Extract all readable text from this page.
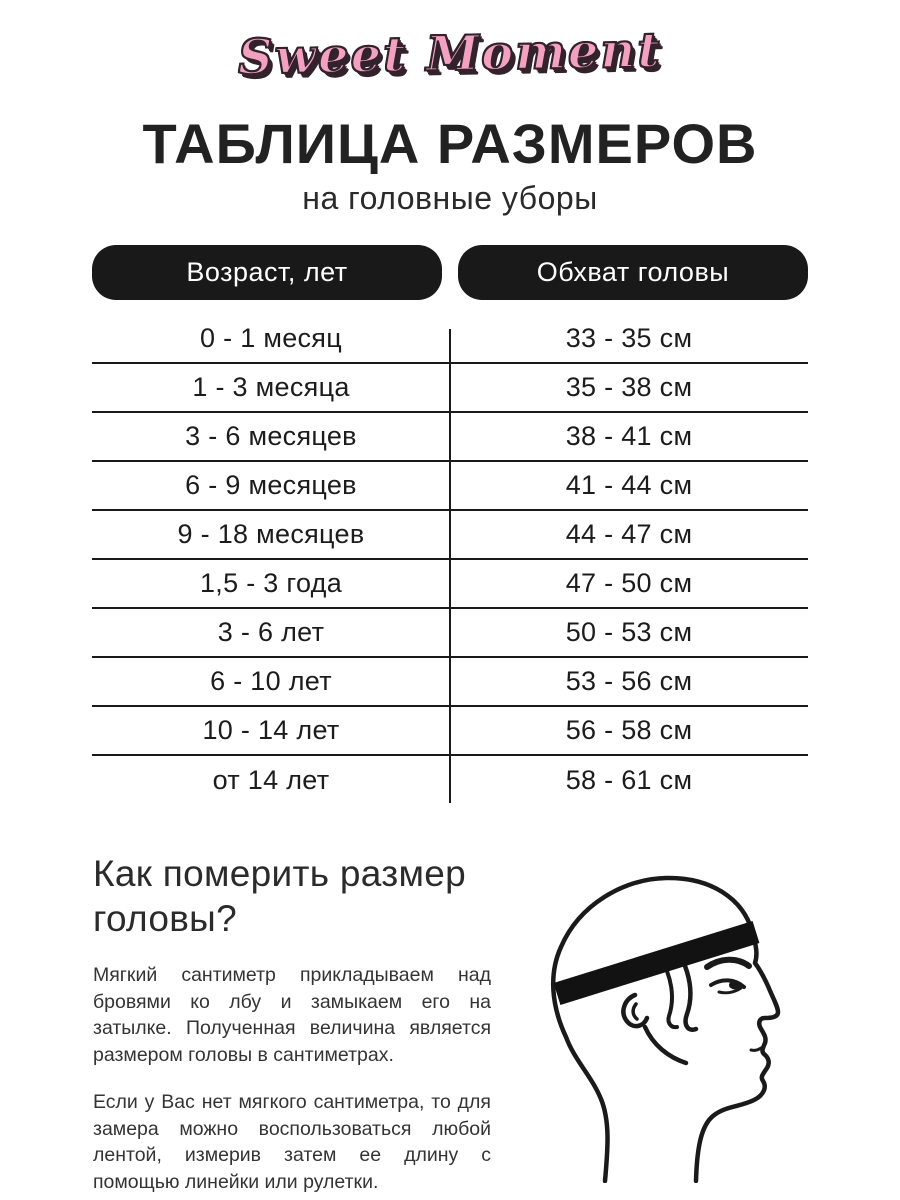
Sweet Moment
ТАБЛИЦА РАЗМЕРОВ
на головные уборы
Возраст, лет	Обхват головы
0 - 1 месяц	33 - 35 см
1 - 3 месяца	35 - 38 см
3 - 6 месяцев	38 - 41 см
6 - 9 месяцев	41 - 44 см
9 - 18 месяцев	44 - 47 см
1,5 - 3 года	47 - 50 см
3 - 6 лет	50 - 53 см
6 - 10 лет	53 - 56 см
10 - 14 лет	56 - 58 см
от 14 лет	58 - 61 см
Как померить размер головы?
Мягкий сантиметр прикладываем над бровями ко лбу и замыкаем его на затылке. Полученная величина является размером головы в сантиметрах.
Если у Вас нет мягкого сантиметра, то для замера можно воспользоваться любой лентой, измерив затем ее длину с помощью линейки или рулетки.
